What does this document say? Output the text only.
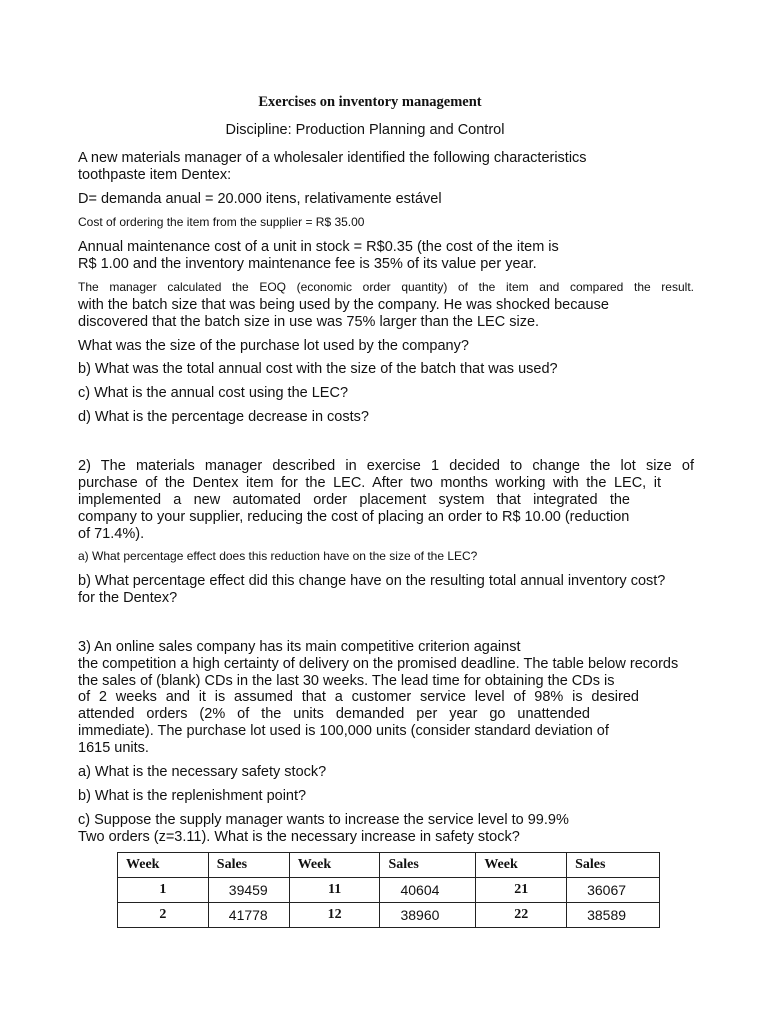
Exercises on inventory management

Discipline: Production Planning and Control

A new materials manager of a wholesaler identified the following characteristics

toothpaste item Dentex:

D= demanda anual = 20.000 itens, relativamente estável

Cost of ordering the item from the supplier = R$ 35.00

Annual maintenance cost of a unit in stock = R$0.35 (the cost of the item is

R$ 1.00 and the inventory maintenance fee is 35% of its value per year.

The manager calculated the EOQ (economic order quantity) of the item and compared the result.

with the batch size that was being used by the company. He was shocked because

discovered that the batch size in use was 75% larger than the LEC size.

What was the size of the purchase lot used by the company?

b) What was the total annual cost with the size of the batch that was used?

c) What is the annual cost using the LEC?

d) What is the percentage decrease in costs?

2) The materials manager described in exercise 1 decided to change the lot size of

purchase of the Dentex item for the LEC. After two months working with the LEC, it

implemented a new automated order placement system that integrated the

company to your supplier, reducing the cost of placing an order to R$ 10.00 (reduction

of 71.4%).

a) What percentage effect does this reduction have on the size of the LEC?

b) What percentage effect did this change have on the resulting total annual inventory cost?

for the Dentex?

3) An online sales company has its main competitive criterion against

the competition a high certainty of delivery on the promised deadline. The table below records

the sales of (blank) CDs in the last 30 weeks. The lead time for obtaining the CDs is

of 2 weeks and it is assumed that a customer service level of 98% is desired

attended orders (2% of the units demanded per year go unattended

immediate). The purchase lot used is 100,000 units (consider standard deviation of

1615 units.

a) What is the necessary safety stock?

b) What is the replenishment point?

c) Suppose the supply manager wants to increase the service level to 99.9%

Two orders (z=3.11). What is the necessary increase in safety stock?

Week	Sales	Week	Sales	Week	Sales
1	39459	11	40604	21	36067
2	41778	12	38960	22	38589
